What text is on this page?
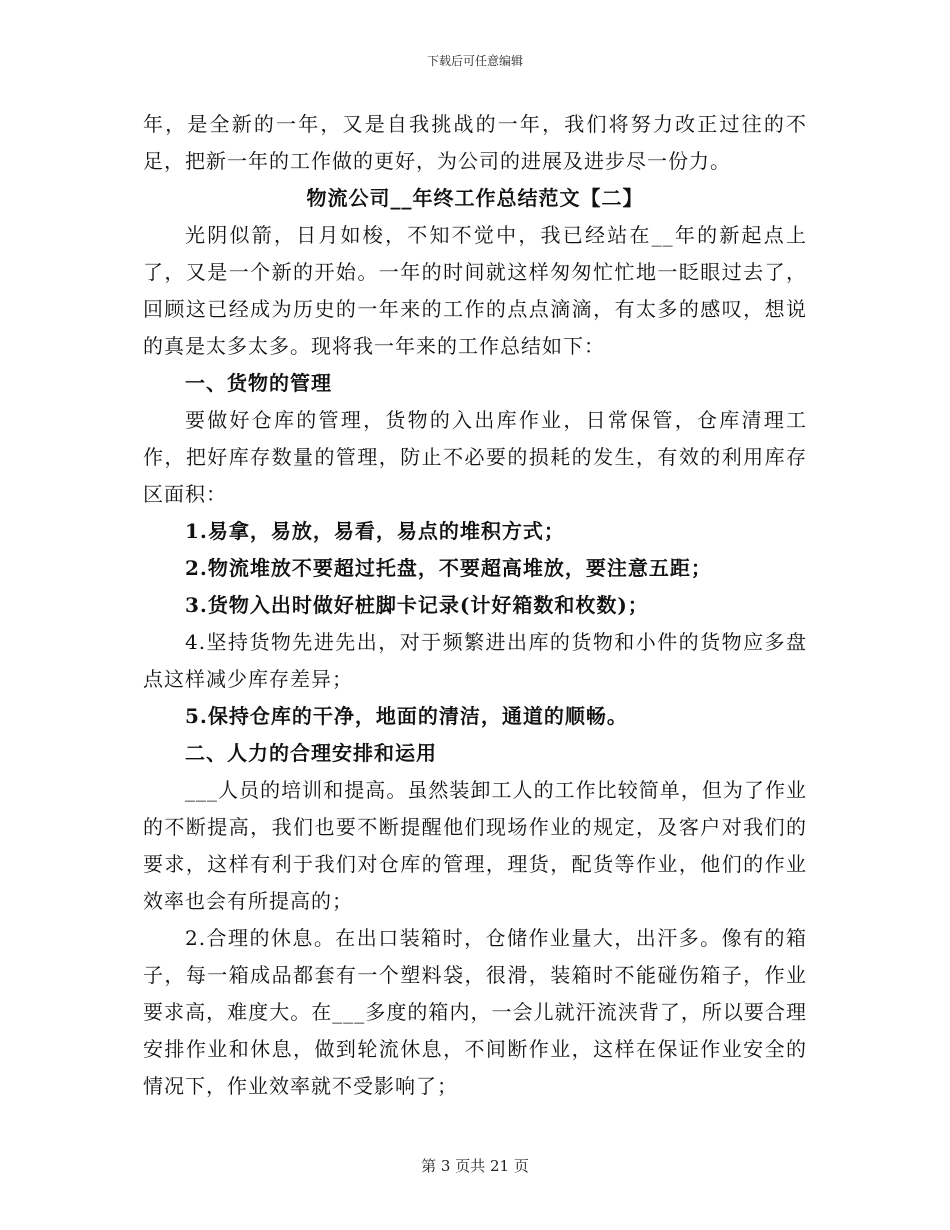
下载后可任意编辑

年，是全新的一年，又是自我挑战的一年，我们将努力改正过往的不足，把新一年的工作做的更好，为公司的进展及进步尽一份力。

物流公司__年终工作总结范文【二】

光阴似箭，日月如梭，不知不觉中，我已经站在__年的新起点上了，又是一个新的开始。一年的时间就这样匆匆忙忙地一眨眼过去了，回顾这已经成为历史的一年来的工作的点点滴滴，有太多的感叹，想说的真是太多太多。现将我一年来的工作总结如下：

一、货物的管理

要做好仓库的管理，货物的入出库作业，日常保管，仓库清理工作，把好库存数量的管理，防止不必要的损耗的发生，有效的利用库存区面积：

1.易拿，易放，易看，易点的堆积方式；

2.物流堆放不要超过托盘，不要超高堆放，要注意五距；

3.货物入出时做好桩脚卡记录(计好箱数和枚数)；

4.坚持货物先进先出，对于频繁进出库的货物和小件的货物应多盘点这样减少库存差异；

5.保持仓库的干净，地面的清洁，通道的顺畅。

二、人力的合理安排和运用

___人员的培训和提高。虽然装卸工人的工作比较简单，但为了作业的不断提高，我们也要不断提醒他们现场作业的规定，及客户对我们的要求，这样有利于我们对仓库的管理，理货，配货等作业，他们的作业效率也会有所提高的；

2.合理的休息。在出口装箱时，仓储作业量大，出汗多。像有的箱子，每一箱成品都套有一个塑料袋，很滑，装箱时不能碰伤箱子，作业要求高，难度大。在___多度的箱内，一会儿就汗流浃背了，所以要合理安排作业和休息，做到轮流休息，不间断作业，这样在保证作业安全的情况下，作业效率就不受影响了；

第 3 页共 21 页
